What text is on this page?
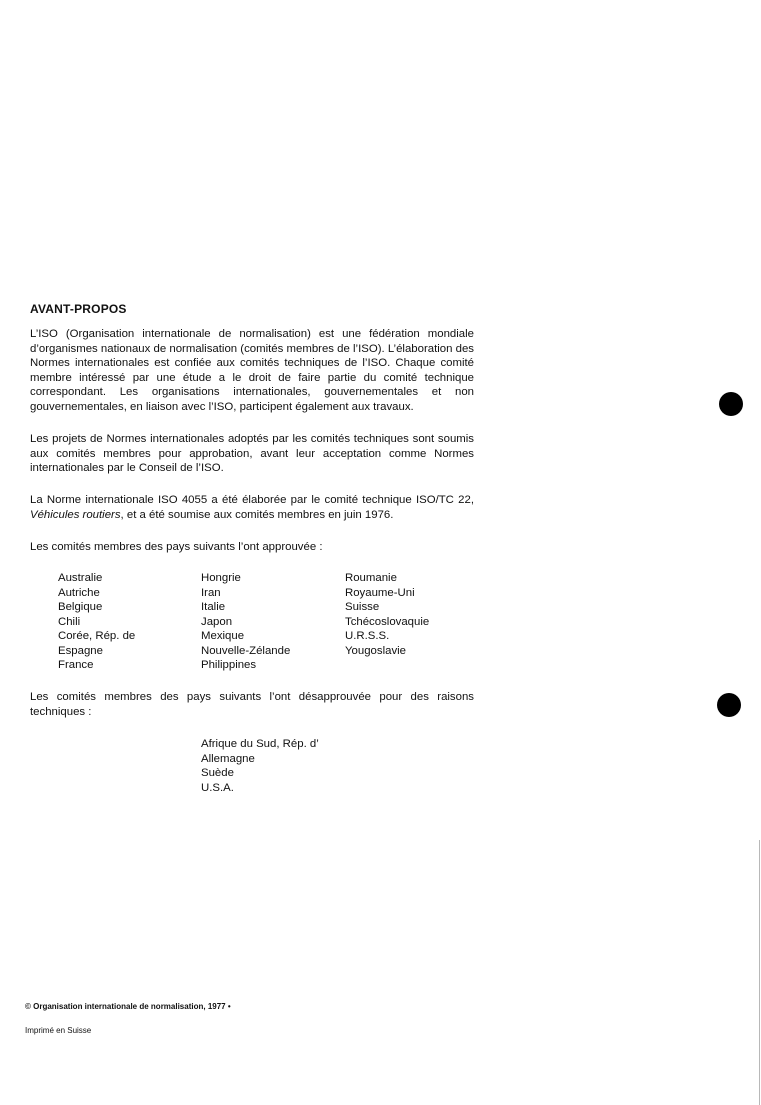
AVANT-PROPOS

L’ISO (Organisation internationale de normalisation) est une fédération mondiale d’organismes nationaux de normalisation (comités membres de l’ISO). L’élaboration des Normes internationales est confiée aux comités techniques de l’ISO. Chaque comité membre intéressé par une étude a le droit de faire partie du comité technique correspondant. Les organisations internationales, gouvernementales et non gouvernementales, en liaison avec l’ISO, participent également aux travaux.

Les projets de Normes internationales adoptés par les comités techniques sont soumis aux comités membres pour approbation, avant leur acceptation comme Normes internationales par le Conseil de l’ISO.

La Norme internationale ISO 4055 a été élaborée par le comité technique ISO/TC 22, Véhicules routiers, et a été soumise aux comités membres en juin 1976.

Les comités membres des pays suivants l’ont approuvée :

Australie
Autriche
Belgique
Chili
Corée, Rép. de
Espagne
France
Hongrie
Iran
Italie
Japon
Mexique
Nouvelle-Zélande
Philippines
Roumanie
Royaume-Uni
Suisse
Tchécoslovaquie
U.R.S.S.
Yougoslavie

Les comités membres des pays suivants l’ont désapprouvée pour des raisons techniques :

Afrique du Sud, Rép. d’
Allemagne
Suède
U.S.A.
© Organisation internationale de normalisation, 1977 •
Imprimé en Suisse
